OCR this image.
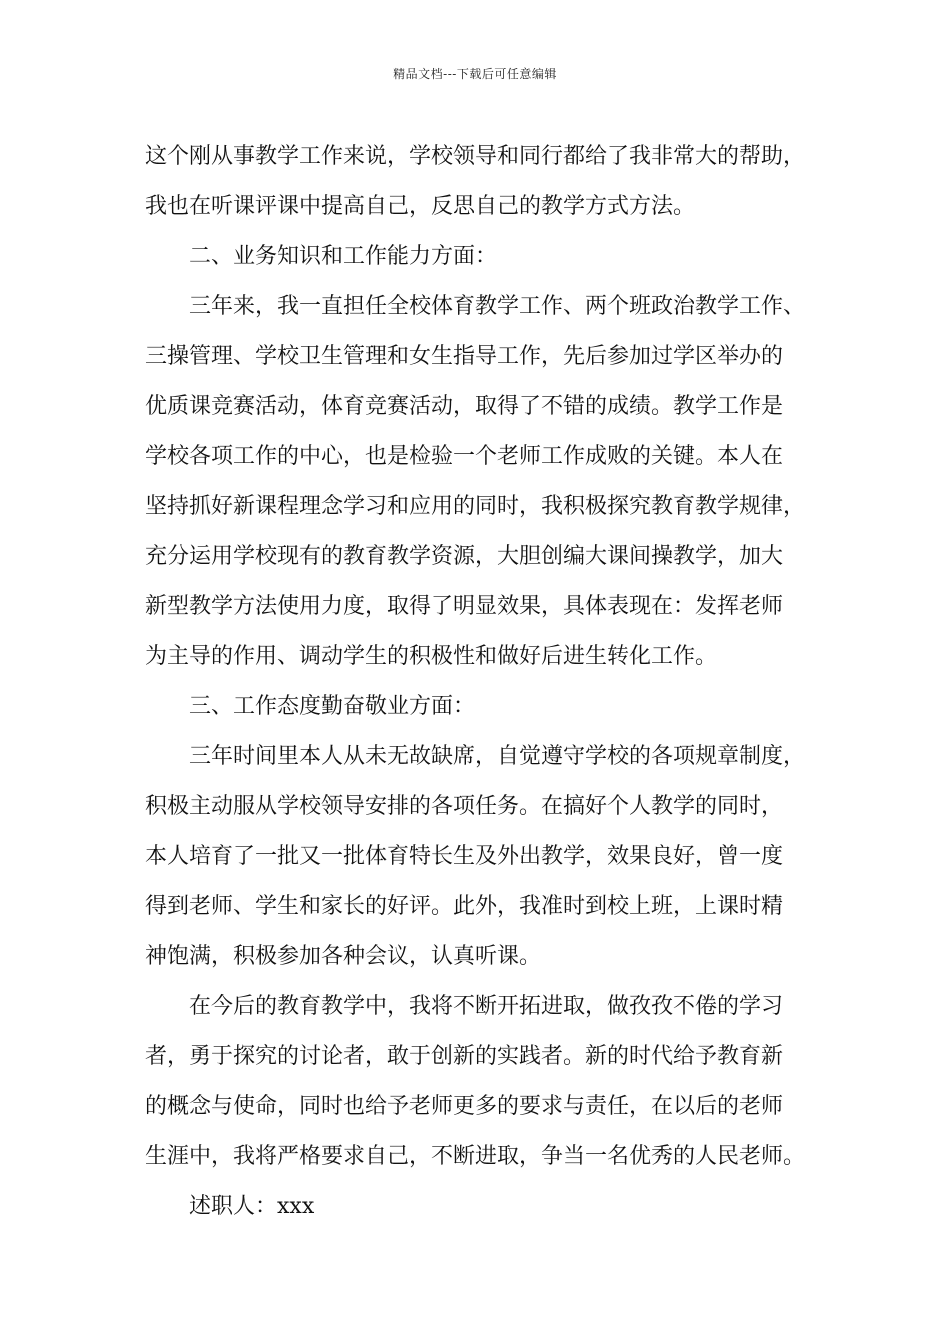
精品文档---下载后可任意编辑
这个刚从事教学工作来说，学校领导和同行都给了我非常大的帮助，
我也在听课评课中提高自己，反思自己的教学方式方法。
二、业务知识和工作能力方面：
三年来，我一直担任全校体育教学工作、两个班政治教学工作、
三操管理、学校卫生管理和女生指导工作，先后参加过学区举办的
优质课竞赛活动，体育竞赛活动，取得了不错的成绩。教学工作是
学校各项工作的中心，也是检验一个老师工作成败的关键。本人在
坚持抓好新课程理念学习和应用的同时，我积极探究教育教学规律，
充分运用学校现有的教育教学资源，大胆创编大课间操教学，加大
新型教学方法使用力度，取得了明显效果，具体表现在：发挥老师
为主导的作用、调动学生的积极性和做好后进生转化工作。
三、工作态度勤奋敬业方面：
三年时间里本人从未无故缺席，自觉遵守学校的各项规章制度，
积极主动服从学校领导安排的各项任务。在搞好个人教学的同时，
本人培育了一批又一批体育特长生及外出教学，效果良好，曾一度
得到老师、学生和家长的好评。此外，我准时到校上班，上课时精
神饱满，积极参加各种会议，认真听课。
在今后的教育教学中，我将不断开拓进取，做孜孜不倦的学习
者，勇于探究的讨论者，敢于创新的实践者。新的时代给予教育新
的概念与使命，同时也给予老师更多的要求与责任，在以后的老师
生涯中，我将严格要求自己，不断进取，争当一名优秀的人民老师。
述职人：xxx
